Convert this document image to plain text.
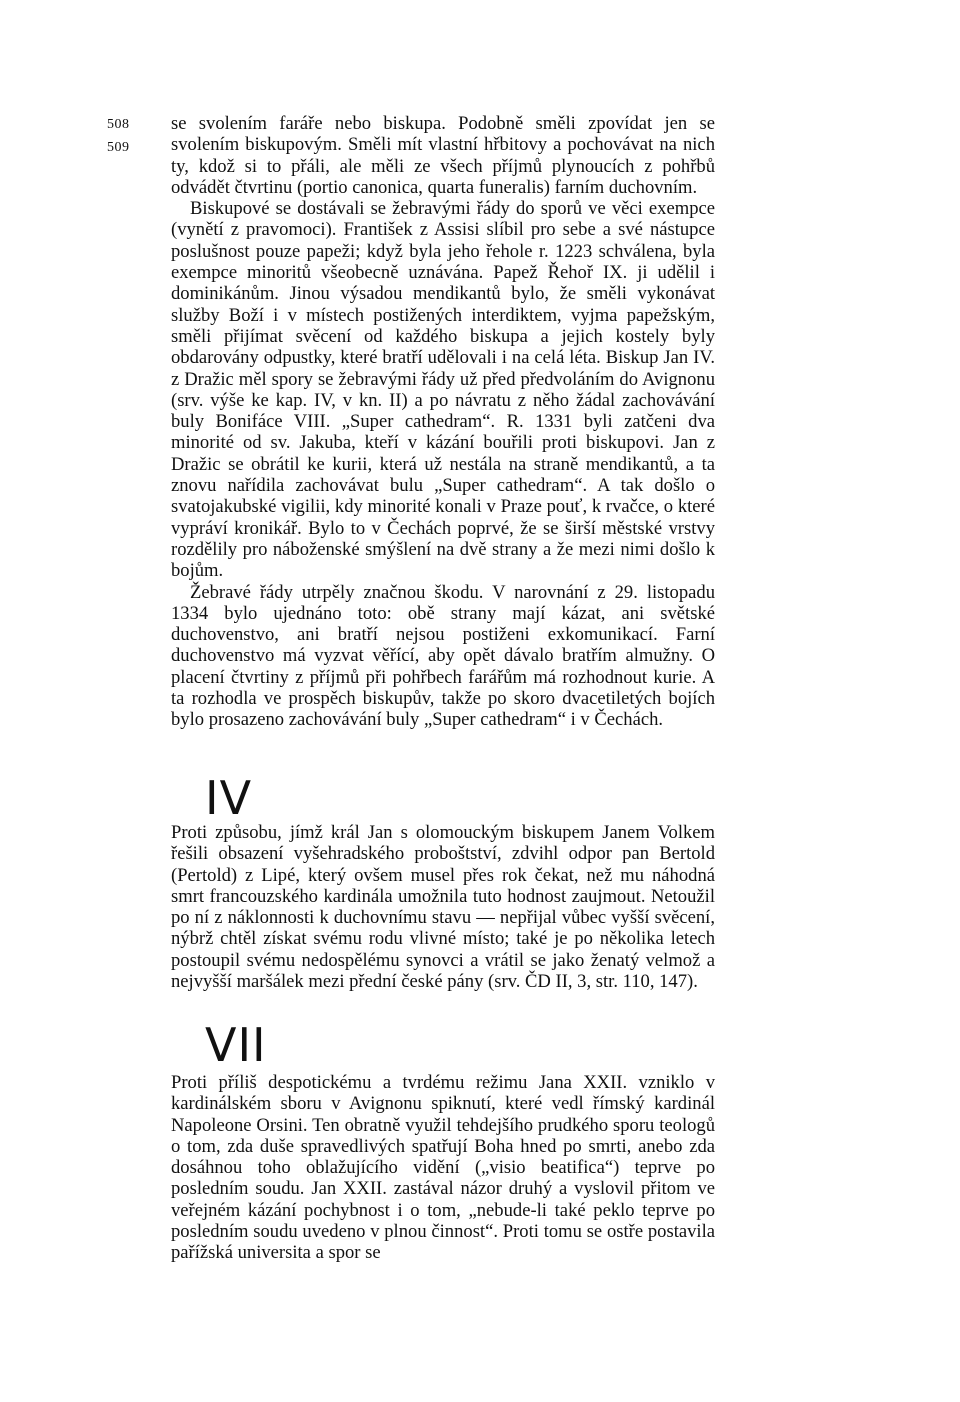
508
509

se svolením faráře nebo biskupa. Podobně směli zpovídat jen se svolením biskupovým. Směli mít vlastní hřbitovy a pochovávat na nich ty, kdož si to přáli, ale měli ze všech příjmů plynoucích z pohřbů odvádět čtvrtinu (portio canonica, quarta funeralis) farním duchovním.

Biskupové se dostávali se žebravými řády do sporů ve věci exempce (vynětí z pravomoci). František z Assisi slíbil pro sebe a své nástupce poslušnost pouze papeži; když byla jeho řehole r. 1223 schválena, byla exempce minoritů všeobecně uznávána. Papež Řehoř IX. ji udělil i dominikánům. Jinou výsadou mendikantů bylo, že směli vykonávat služby Boží i v místech postižených interdiktem, vyjma papežským, směli přijímat svěcení od každého biskupa a jejich kostely byly obdarovány odpustky, které bratří udělovali i na celá léta. Biskup Jan IV. z Dražic měl spory se žebravými řády už před předvoláním do Avignonu (srv. výše ke kap. IV, v kn. II) a po návratu z něho žádal zachovávání buly Bonifáce VIII. „Super cathedram“. R. 1331 byli zatčeni dva minorité od sv. Jakuba, kteří v kázání bouřili proti biskupovi. Jan z Dražic se obrátil ke kurii, která už nestála na straně mendikantů, a ta znovu nařídila zachovávat bulu „Super cathedram“. A tak došlo o svatojakubské vigilii, kdy minorité konali v Praze pouť, k rvačce, o které vypráví kronikář. Bylo to v Čechách poprvé, že se širší městské vrstvy rozdělily pro náboženské smýšlení na dvě strany a že mezi nimi došlo k bojům.

Žebravé řády utrpěly značnou škodu. V narovnání z 29. listopadu 1334 bylo ujednáno toto: obě strany mají kázat, ani světské duchovenstvo, ani bratří nejsou postiženi exkomunikací. Farní duchovenstvo má vyzvat věřící, aby opět dávalo bratřím almužny. O placení čtvrtiny z příjmů při pohřbech farářům má rozhodnout kurie. A ta rozhodla ve prospěch biskupův, takže po skoro dvacetiletých bojích bylo prosazeno zachovávání buly „Super cathedram“ i v Čechách.

IV

Proti způsobu, jímž král Jan s olomouckým biskupem Janem Volkem řešili obsazení vyšehradského proboštství, zdvihl odpor pan Bertold (Pertold) z Lipé, který ovšem musel přes rok čekat, než mu náhodná smrt francouzského kardinála umožnila tuto hodnost zaujmout. Netoužil po ní z náklonnosti k duchovnímu stavu — nepřijal vůbec vyšší svěcení, nýbrž chtěl získat svému rodu vlivné místo; také je po několika letech postoupil svému nedospělému synovci a vrátil se jako ženatý velmož a nejvyšší maršálek mezi přední české pány (srv. ČD II, 3, str. 110, 147).

VII

Proti příliš despotickému a tvrdému režimu Jana XXII. vzniklo v kardinálském sboru v Avignonu spiknutí, které vedl římský kardinál Napoleone Orsini. Ten obratně využil tehdejšího prudkého sporu teologů o tom, zda duše spravedlivých spatřují Boha hned po smrti, anebo zda dosáhnou toho oblažujícího vidění („visio beatifica“) teprve po posledním soudu. Jan XXII. zastával názor druhý a vyslovil přitom ve veřejném kázání pochybnost i o tom, „nebude-li také peklo teprve po posledním soudu uvedeno v plnou činnost“. Proti tomu se ostře postavila pařížská universita a spor se
